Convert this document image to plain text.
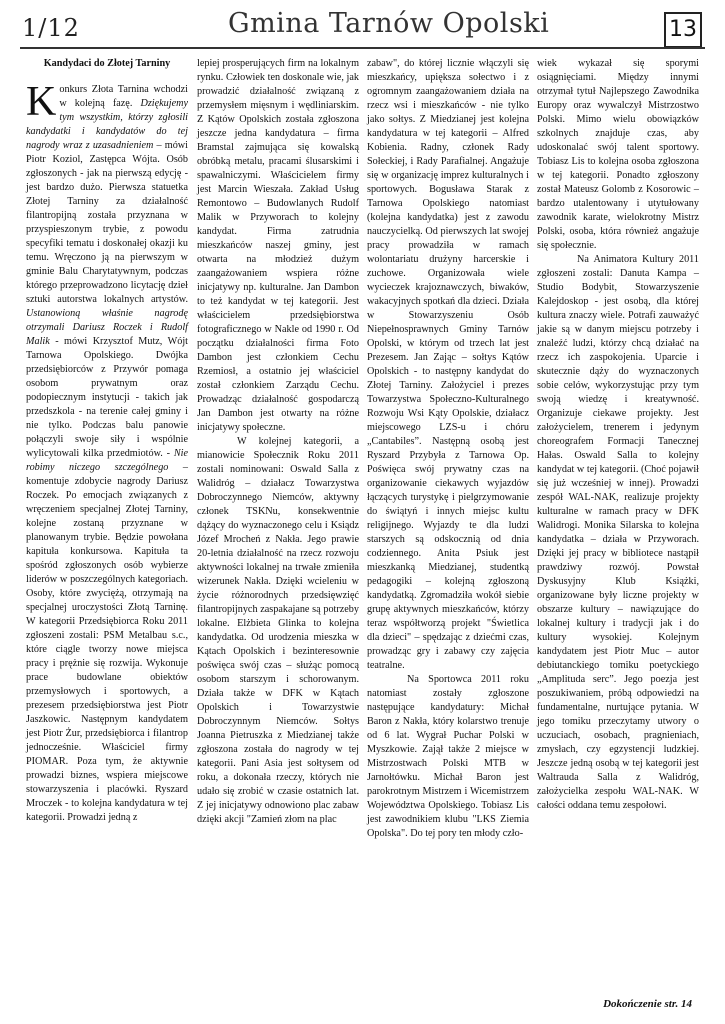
1/12	Gmina Tarnów Opolski	13
Kandydaci do Złotej Tarniny

Konkurs Złota Tarnina wchodzi w kolejną fazę. Dziękujemy tym wszystkim, którzy zgłosili kandydatki i kandydatów do tej nagrody wraz z uzasadnieniem – mówi Piotr Koziol, Zastępca Wójta. Osób zgłoszonych - jak na pierwszą edycję - jest bardzo dużo. Pierwsza statuetka Złotej Tarniny za działalność filantropijną została przyznana w przyspieszonym trybie, z powodu specyfiki tematu i doskonałej okazji ku temu. Wręczono ją na pierwszym w gminie Balu Charytatywnym, podczas którego przeprowadzono licytację dzieł sztuki autorstwa lokalnych artystów. Ustanowioną właśnie nagrodę otrzymali Dariusz Roczek i Rudolf Malik - mówi Krzysztof Mutz, Wójt Tarnowa Opolskiego. Dwójka przedsiębiorców z Przywór pomaga osobom prywatnym oraz podopiecznym instytucji - takich jak przedszkola - na terenie całej gminy i nie tylko. Podczas balu panowie połączyli swoje siły i wspólnie wylicytowali kilka przedmiotów. - Nie robimy niczego szczególnego – komentuje zdobycie nagrody Dariusz Roczek. Po emocjach związanych z wręczeniem specjalnej Złotej Tarniny, kolejne zostaną przyznane w planowanym trybie. Będzie powołana kapituła konkursowa. Kapituła ta spośród zgłoszonych osób wybierze liderów w poszczególnych kategoriach. Osoby, które zwyciężą, otrzymają na specjalnej uroczystości Złotą Tarninę. W kategorii Przedsiębiorca Roku 2011 zgłoszeni zostali: PSM Metalbau s.c., które ciągle tworzy nowe miejsca pracy i prężnie się rozwija. Wykonuje prace budowlane obiektów przemysłowych i sportowych, a prezesem przedsiębiorstwa jest Piotr Jaszkowic. Następnym kandydatem jest Piotr Żur, przedsiębiorca i filantrop jednocześnie. Właściciel firmy PIOMAR. Poza tym, że aktywnie prowadzi biznes, wspiera miejscowe stowarzyszenia i placówki. Ryszard Mroczek - to kolejna kandydatura w tej kategorii. Prowadzi jedną z

lepiej prosperujących firm na lokalnym rynku. Człowiek ten doskonale wie, jak prowadzić działalność związaną z przemysłem mięsnym i wędliniarskim. Z Kątów Opolskich została zgłoszona jeszcze jedna kandydatura – firma Bramstal zajmująca się kowalską obróbką metalu, pracami ślusarskimi i spawalniczymi. Właścicielem firmy jest Marcin Wieszała. Zakład Usług Remontowo – Budowlanych Rudolf Malik w Przyworach to kolejny kandydat. Firma zatrudnia mieszkańców naszej gminy, jest otwarta na młodzież dużym zaangażowaniem wspiera różne inicjatywy np. kulturalne. Jan Dambon to też kandydat w tej kategorii. Jest właścicielem przedsiębiorstwa fotograficznego w Nakle od 1990 r. Od początku działalności firma Foto Dambon jest członkiem Cechu Rzemiosł, a ostatnio jej właściciel został członkiem Zarządu Cechu. Prowadząc działalność gospodarczą Jan Dambon jest otwarty na różne inicjatywy społeczne.

W kolejnej kategorii, a mianowicie Społecznik Roku 2011 zostali nominowani: Oswald Salla z Walidróg – działacz Towarzystwa Dobroczynnego Niemców, aktywny członek TSKNu, konsekwentnie dążący do wyznaczonego celu i Ksiądz Józef Mrocheń z Nakła. Jego prawie 20-letnia działalność na rzecz rozwoju aktywności lokalnej na trwałe zmieniła wizerunek Nakła. Dzięki wcieleniu w życie różnorodnych przedsięwzięć filantropijnych zaspakajane są potrzeby lokalne. Elżbieta Glinka to kolejna kandydatka. Od urodzenia mieszka w Kątach Opolskich i bezinteresownie poświęca swój czas – służąc pomocą osobom starszym i schorowanym. Działa także w DFK w Kątach Opolskich i Towarzystwie Dobroczynnym Niemców. Sołtys Joanna Pietruszka z Miedzianej także zgłoszona została do nagrody w tej kategorii. Pani Asia jest sołtysem od roku, a dokonała rzeczy, których nie udało się zrobić w czasie ostatnich lat. Z jej inicjatywy odnowiono plac zabaw dzięki akcji "Zamień złom na plac

zabaw", do której licznie włączyli się mieszkańcy, upiększa sołectwo i z ogromnym zaangażowaniem działa na rzecz wsi i mieszkańców - nie tylko jako sołtys. Z Miedzianej jest kolejna kandydatura w tej kategorii – Alfred Kobienia. Radny, członek Rady Sołeckiej, i Rady Parafialnej. Angażuje się w organizację imprez kulturalnych i sportowych. Bogusława Starak z Tarnowa Opolskiego natomiast (kolejna kandydatka) jest z zawodu nauczycielką. Od pierwszych lat swojej pracy prowadziła w ramach wolontariatu drużyny harcerskie i zuchowe. Organizowała wiele wycieczek krajoznawczych, biwaków, wakacyjnych spotkań dla dzieci. Działa w Stowarzyszeniu Osób Niepełnosprawnych Gminy Tarnów Opolski, w którym od trzech lat jest Prezesem. Jan Zając – sołtys Kątów Opolskich - to następny kandydat do Złotej Tarniny. Założyciel i prezes Towarzystwa Społeczno-Kulturalnego Rozwoju Wsi Kąty Opolskie, działacz miejscowego LZS-u i chóru „Cantabiles”. Następną osobą jest Ryszard Przybyła z Tarnowa Op. Poświęca swój prywatny czas na organizowanie ciekawych wyjazdów łączących turystykę i pielgrzymowanie do świątyń i innych miejsc kultu religijnego. Wyjazdy te dla ludzi starszych są odskocznią od dnia codziennego. Anita Psiuk jest mieszkanką Miedzianej, studentką pedagogiki – kolejną zgłoszoną kandydatką. Zgromadziła wokół siebie grupę aktywnych mieszkańców, którzy teraz współtworzą projekt "Świetlica dla dzieci" – spędzając z dziećmi czas, prowadząc gry i zabawy czy zajęcia teatralne.

Na Sportowca 2011 roku natomiast zostały zgłoszone następujące kandydatury: Michał Baron z Nakła, który kolarstwo trenuje od 6 lat. Wygrał Puchar Polski w Myszkowie. Zajął także 2 miejsce w Mistrzostwach Polski MTB w Jarnołtówku. Michał Baron jest parokrotnym Mistrzem i Wicemistrzem Województwa Opolskiego. Tobiasz Lis jest zawodnikiem klubu "LKS Ziemia Opolska". Do tej pory ten młody czło-

wiek wykazał się sporymi osiągnięciami. Między innymi otrzymał tytuł Najlepszego Zawodnika Europy oraz wywalczył Mistrzostwo Polski. Mimo wielu obowiązków szkolnych znajduje czas, aby udoskonalać swój talent sportowy. Tobiasz Lis to kolejna osoba zgłoszona w tej kategorii. Ponadto zgłoszony został Mateusz Golomb z Kosorowic – bardzo utalentowany i utytułowany zawodnik karate, wielokrotny Mistrz Polski, osoba, która również angażuje się społecznie.

Na Animatora Kultury 2011 zgłoszeni zostali: Danuta Kampa – Studio Bodybit, Stowarzyszenie Kalejdoskop - jest osobą, dla której kultura znaczy wiele. Potrafi zauważyć jakie są w danym miejscu potrzeby i znaleźć ludzi, którzy chcą działać na rzecz ich zaspokojenia. Uparcie i skutecznie dąży do wyznaczonych sobie celów, wykorzystując przy tym swoją wiedzę i kreatywność. Organizuje ciekawe projekty. Jest założycielem, trenerem i jedynym choreografem Formacji Tanecznej Hałas. Oswald Salla to kolejny kandydat w tej kategorii. (Choć pojawił się już wcześniej w innej). Prowadzi zespół WAL-NAK, realizuje projekty kulturalne w ramach pracy w DFK Walidrogi. Monika Silarska to kolejna kandydatka – działa w Przyworach. Dzięki jej pracy w bibliotece nastąpił prawdziwy rozwój. Powstał Dyskusyjny Klub Książki, organizowane były liczne projekty w obszarze kultury – nawiązujące do lokalnej kultury i tradycji jak i do kultury wysokiej. Kolejnym kandydatem jest Piotr Muc – autor debiutanckiego tomiku poetyckiego „Amplituda serc”. Jego poezja jest poszukiwaniem, próbą odpowiedzi na fundamentalne, nurtujące pytania. W jego tomiku przeczytamy utwory o uczuciach, osobach, pragnieniach, zmysłach, czy egzystencji ludzkiej. Jeszcze jedną osobą w tej kategorii jest Waltrauda Salla z Walidróg, założycielka zespołu WAL-NAK. W całości oddana temu zespołowi.

Dokończenie str. 14
